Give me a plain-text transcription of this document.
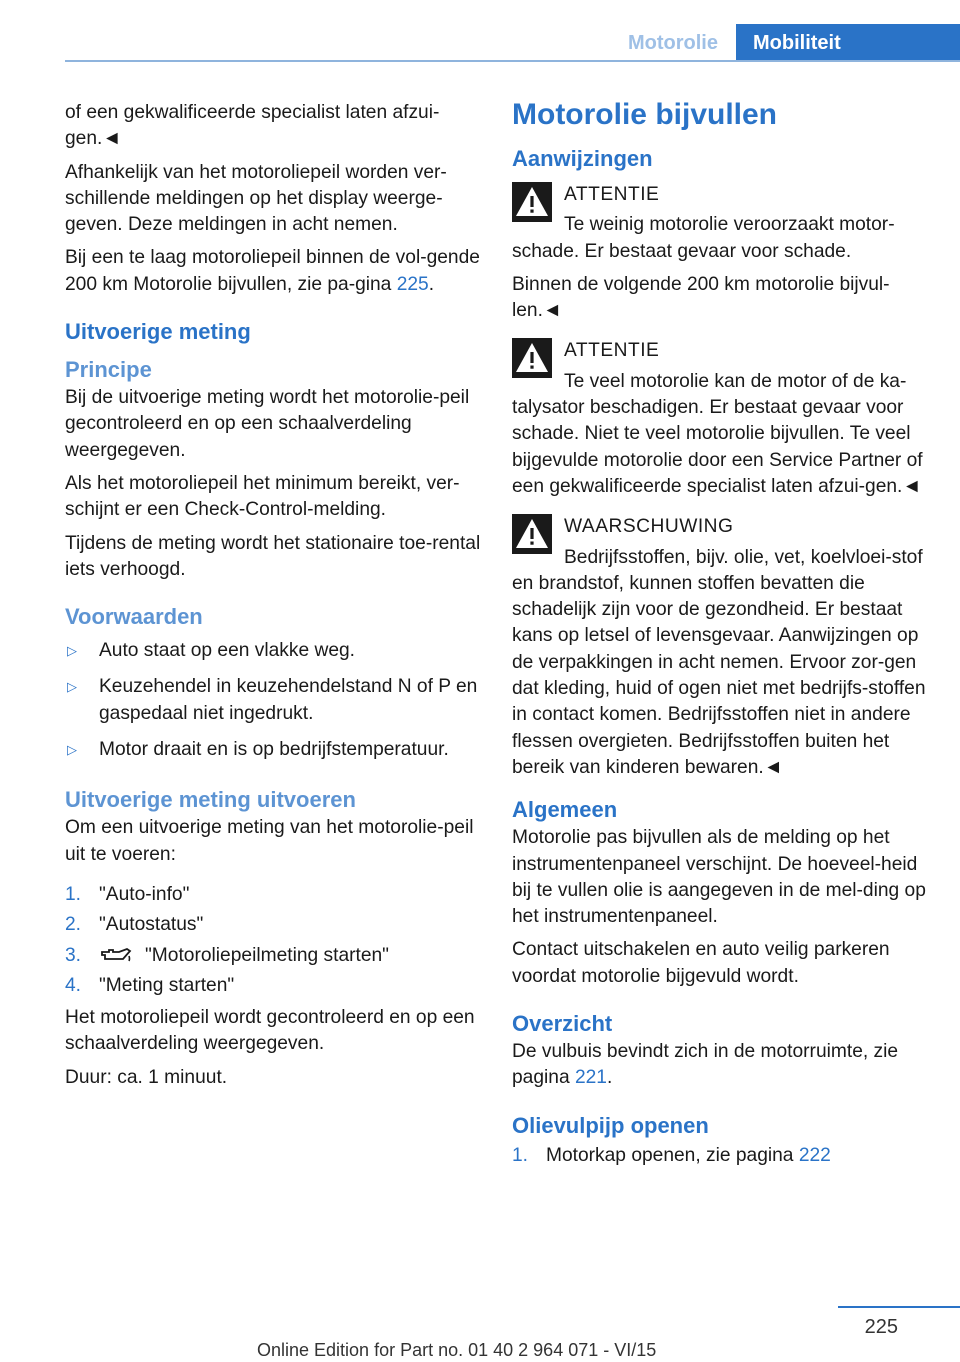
Motorolie	Mobiliteit

of een gekwalificeerde specialist laten afzui‐gen.◄

Afhankelijk van het motoroliepeil worden ver‐schillende meldingen op het display weerge‐geven. Deze meldingen in acht nemen.

Bij een te laag motoroliepeil binnen de vol‐gende 200 km Motorolie bijvullen, zie pa‐gina 225.

Uitvoerige meting
Principe

Bij de uitvoerige meting wordt het motorolie‐peil gecontroleerd en op een schaalverdeling weergegeven.

Als het motoroliepeil het minimum bereikt, ver‐schijnt er een Check-Control-melding.

Tijdens de meting wordt het stationaire toe‐rental iets verhoogd.

Voorwaarden
▷ Auto staat op een vlakke weg.
▷ Keuzehendel in keuzehendelstand N of P en gaspedaal niet ingedrukt.
▷ Motor draait en is op bedrijfstemperatuur.
Uitvoerige meting uitvoeren

Om een uitvoerige meting van het motorolie‐peil uit te voeren:

1. "Auto-info"
2. "Autostatus"
3.	"Motoroliepeilmeting starten"
4. "Meting starten"

Het motoroliepeil wordt gecontroleerd en op een schaalverdeling weergegeven.

Duur: ca. 1 minuut.

Motorolie bijvullen
Aanwijzingen
ATTENTIE

Te weinig motorolie veroorzaakt motor‐schade. Er bestaat gevaar voor schade.

Binnen de volgende 200 km motorolie bijvul‐len.◄

ATTENTIE

Te veel motorolie kan de motor of de ka‐talysator beschadigen. Er bestaat gevaar voor schade. Niet te veel motorolie bijvullen. Te veel bijgevulde motorolie door een Service Partner of een gekwalificeerde specialist laten afzui‐gen.◄

WAARSCHUWING

Bedrijfsstoffen, bijv. olie, vet, koelvloei‐stof en brandstof, kunnen stoffen bevatten die schadelijk zijn voor de gezondheid. Er bestaat kans op letsel of levensgevaar. Aanwijzingen op de verpakkingen in acht nemen. Ervoor zor‐gen dat kleding, huid of ogen niet met bedrijfs‐stoffen in contact komen. Bedrijfsstoffen niet in andere flessen overgieten. Bedrijfsstoffen buiten het bereik van kinderen bewaren.◄

Algemeen

Motorolie pas bijvullen als de melding op het instrumentenpaneel verschijnt. De hoeveel‐heid bij te vullen olie is aangegeven in de mel‐ding op het instrumentenpaneel.

Contact uitschakelen en auto veilig parkeren voordat motorolie bijgevuld wordt.

Overzicht

De vulbuis bevindt zich in de motorruimte, zie pagina 221.

Olievulpijp openen
1. Motorkap openen, zie pagina 222
225
Online Edition for Part no. 01 40 2 964 071 - VI/15
